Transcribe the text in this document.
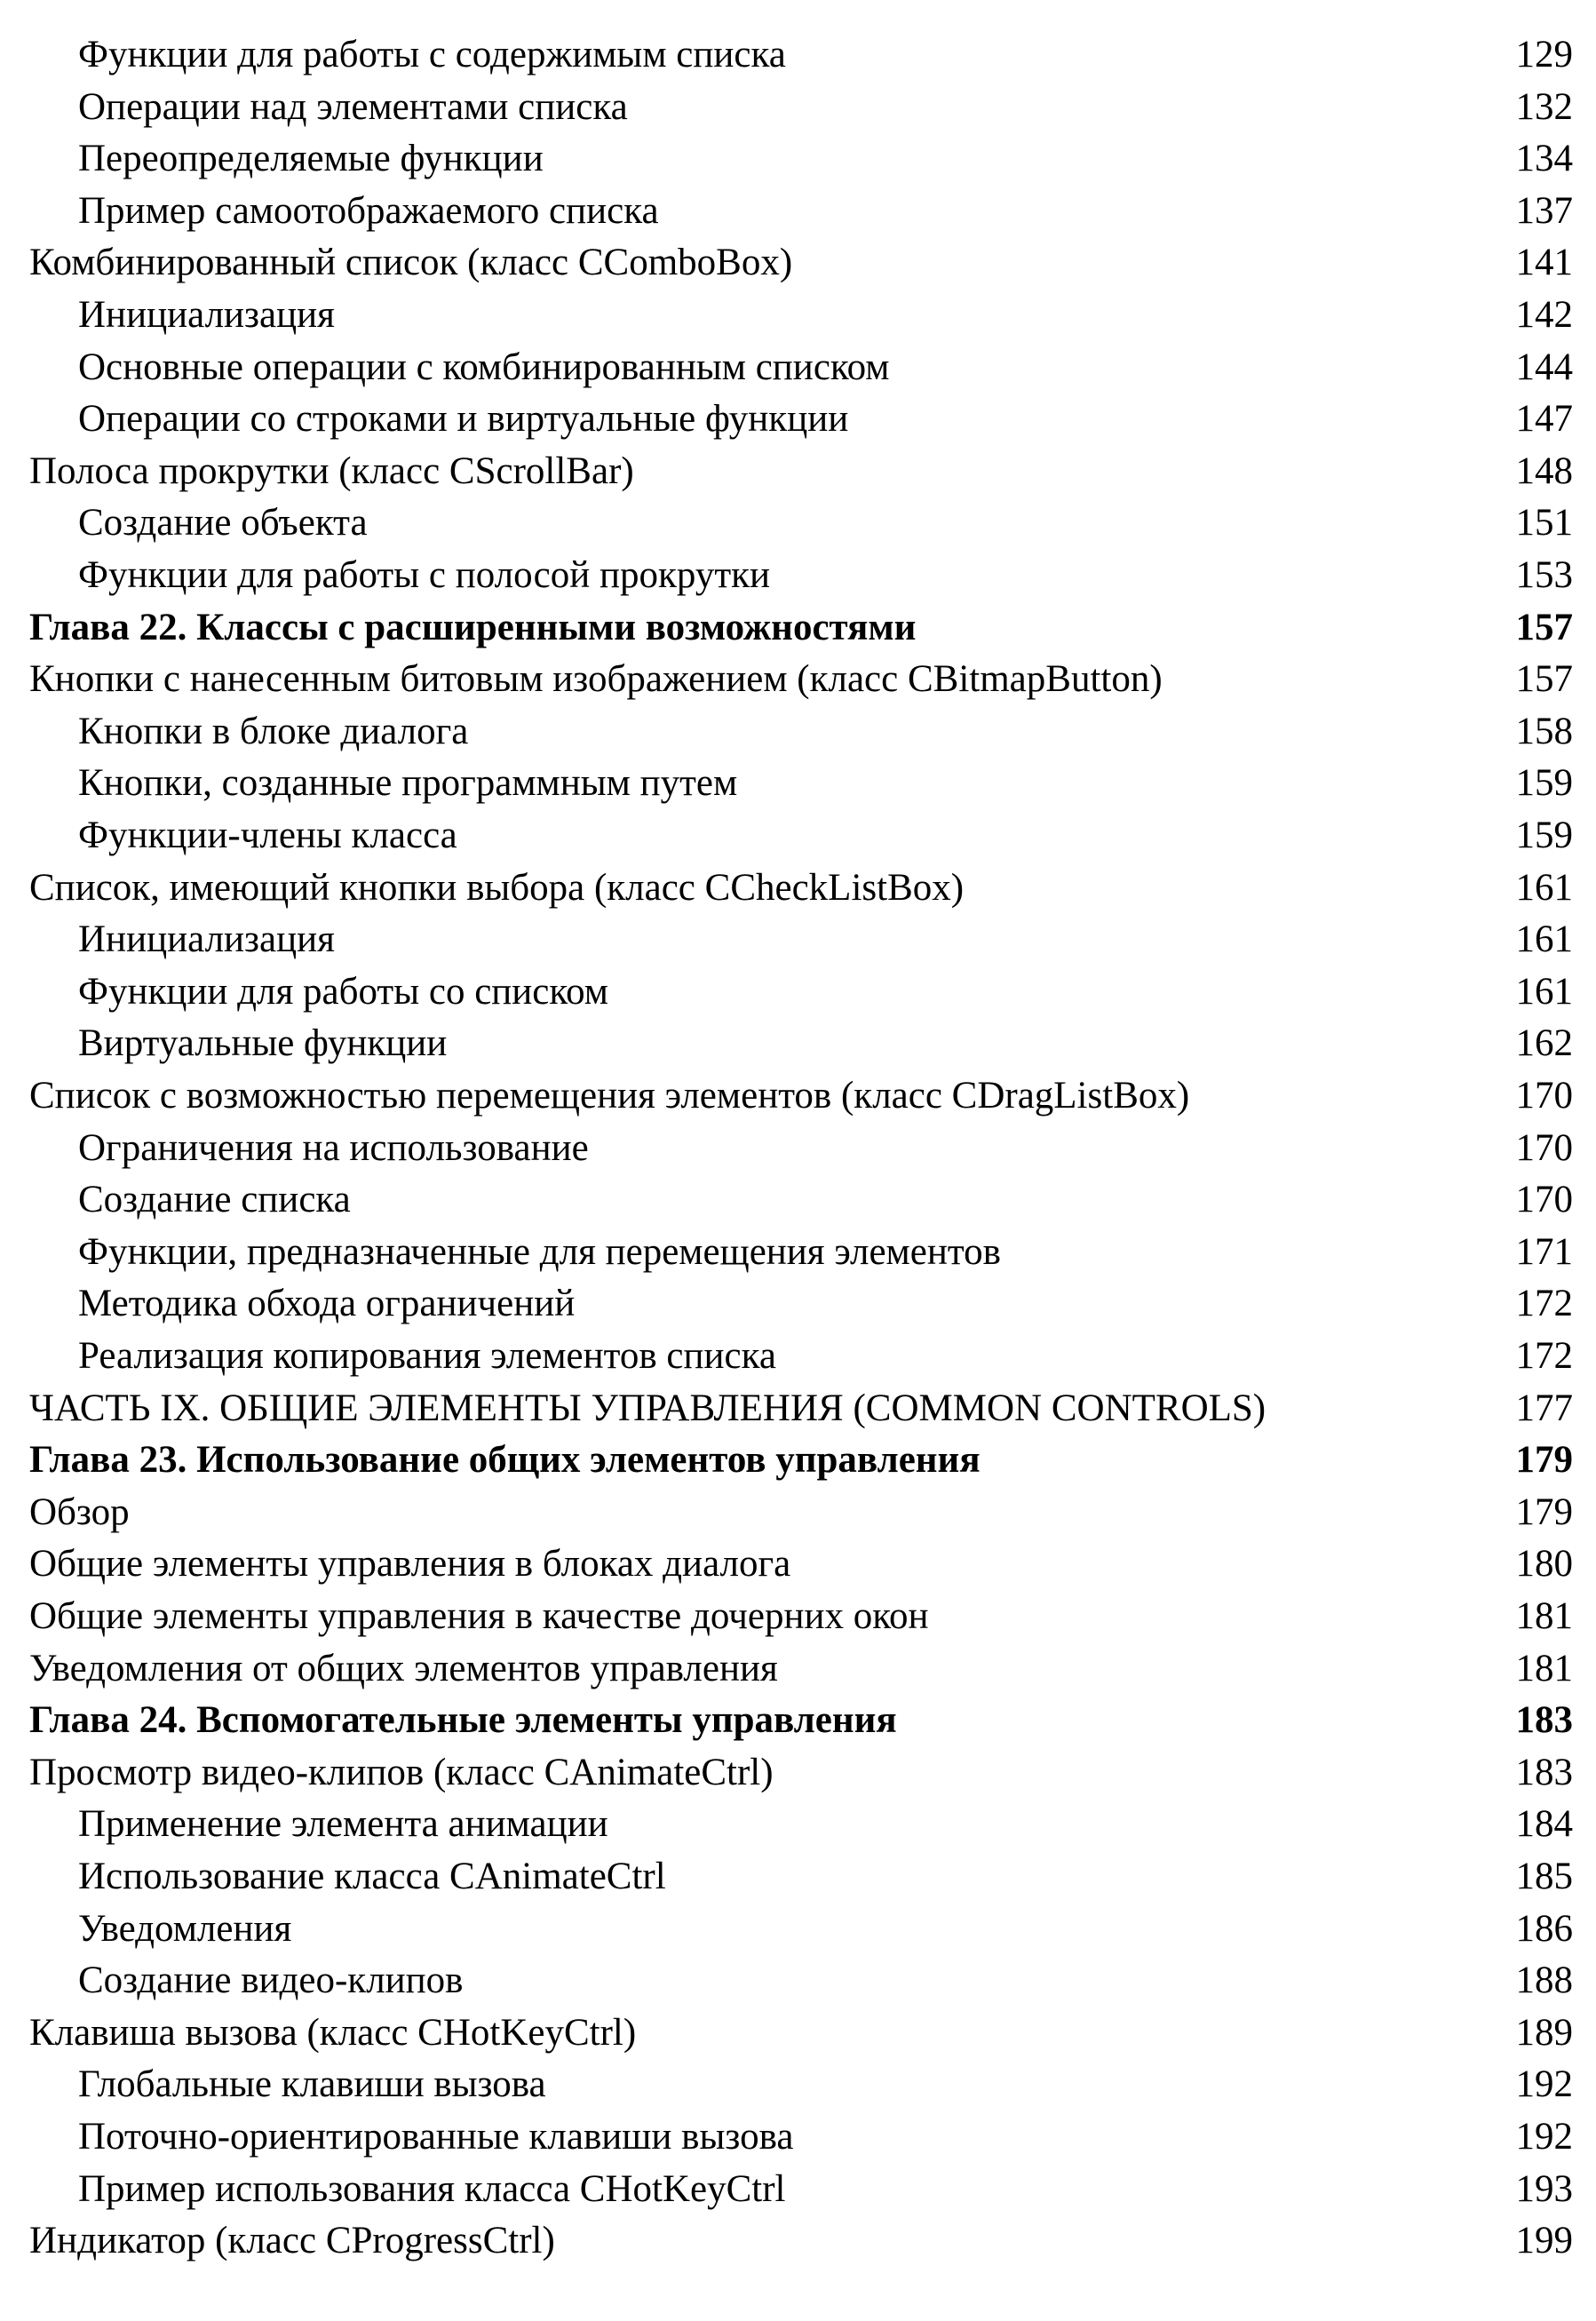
Функции для работы с содержимым списка	129
Операции над элементами списка	132
Переопределяемые функции	134
Пример самоотображаемого списка	137
Комбинированный список (класс CComboBox)	141
Инициализация	142
Основные операции с комбинированным списком	144
Операции со строками и виртуальные функции	147
Полоса прокрутки (класс CScrollBar)	148
Создание объекта	151
Функции для работы с полосой прокрутки	153
Глава 22. Классы с расширенными возможностями	157
Кнопки с нанесенным битовым изображением (класс CBitmapButton)	157
Кнопки в блоке диалога	158
Кнопки, созданные программным путем	159
Функции-члены класса	159
Список, имеющий кнопки выбора (класс CCheckListBox)	161
Инициализация	161
Функции для работы со списком	161
Виртуальные функции	162
Список с возможностью перемещения элементов (класс CDragListBox)	170
Ограничения на использование	170
Создание списка	170
Функции, предназначенные для перемещения элементов	171
Методика обхода ограничений	172
Реализация копирования элементов списка	172
ЧАСТЬ IX. ОБЩИЕ ЭЛЕМЕНТЫ УПРАВЛЕНИЯ (COMMON CONTROLS)	177
Глава 23. Использование общих элементов управления	179
Обзор	179
Общие элементы управления в блоках диалога	180
Общие элементы управления в качестве дочерних окон	181
Уведомления от общих элементов управления	181
Глава 24. Вспомогательные элементы управления	183
Просмотр видео-клипов (класс CAnimateCtrl)	183
Применение элемента анимации	184
Использование класса CAnimateCtrl	185
Уведомления	186
Создание видео-клипов	188
Клавиша вызова (класс CHotKeyCtrl)	189
Глобальные клавиши вызова	192
Поточно-ориентированные клавиши вызова	192
Пример использования класса CHotKeyCtrl	193
Индикатор (класс CProgressCtrl)	199
